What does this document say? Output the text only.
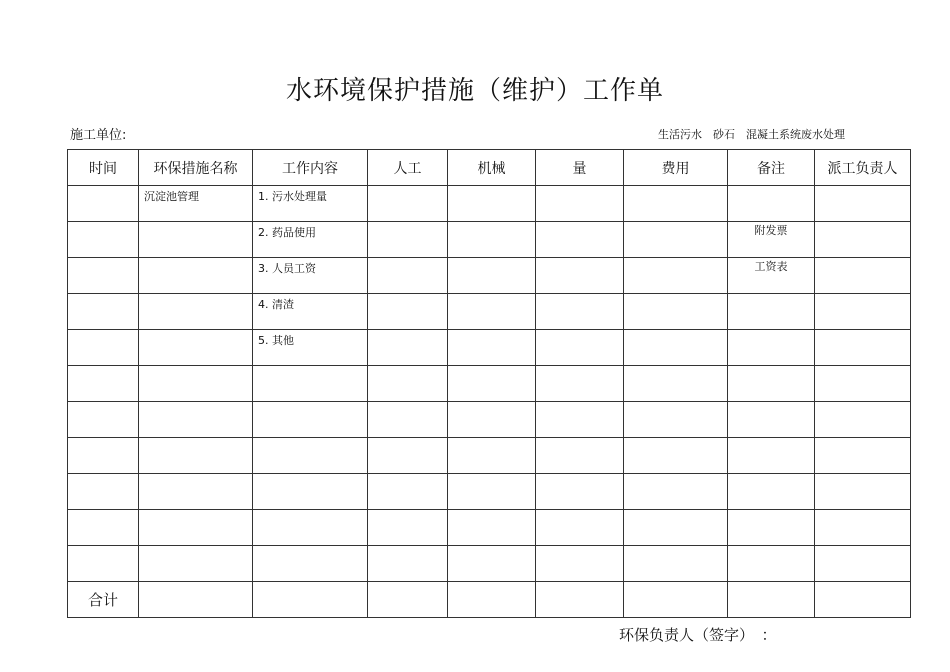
水环境保护措施（维护）工作单
施工单位:	生活污水　砂石　混凝土系统废水处理
时间	环保措施名称	工作内容	人工	机械	量	费用	备注	派工负责人

	沉淀池管理	1. 污水处理量						

		2. 药品使用					附发票	

		3. 人员工资					工资表	

		4. 清渣						

		5. 其他						

合计								
环保负责人（签字）　：
